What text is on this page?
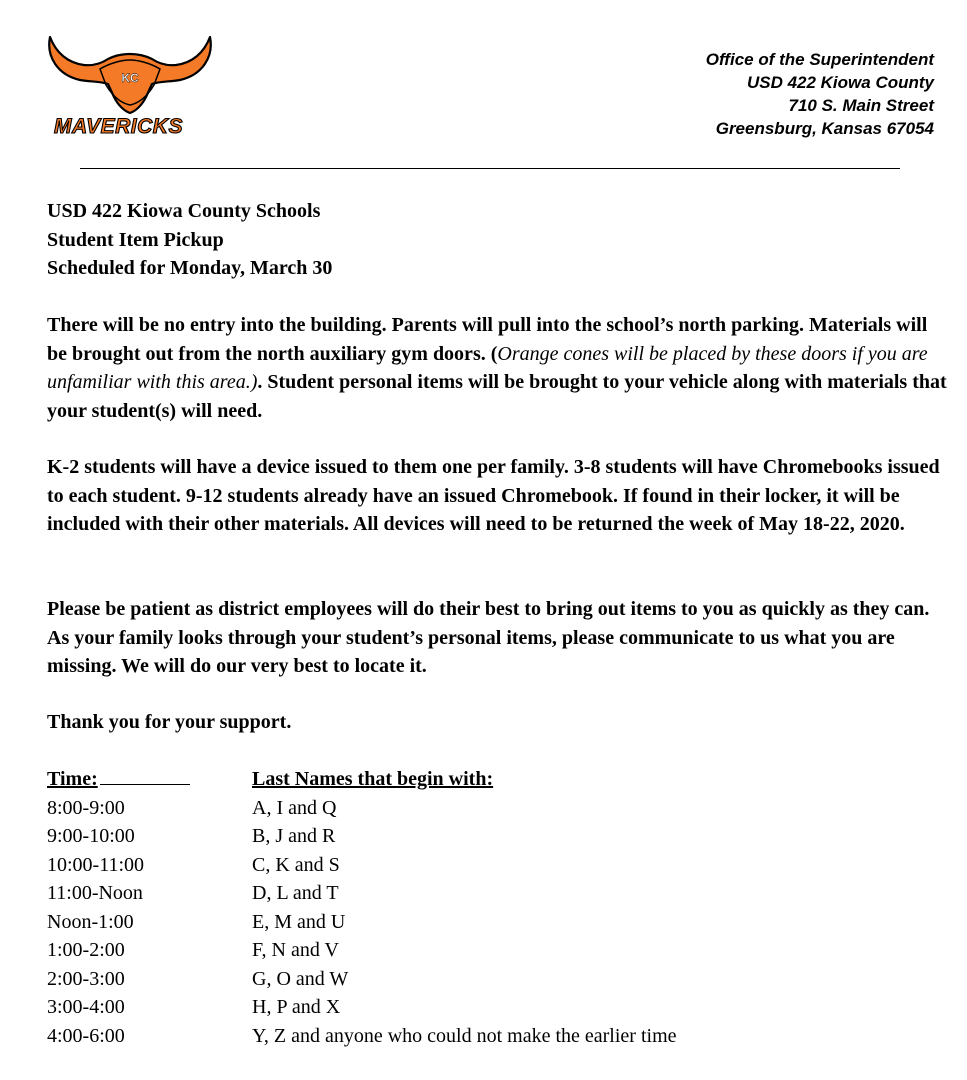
KC
MAVERICKS
Office of the Superintendent
USD 422 Kiowa County
710 S. Main Street
Greensburg, Kansas 67054
USD 422 Kiowa County Schools
Student Item Pickup
Scheduled for Monday, March 30
There will be no entry into the building. Parents will pull into the school’s north parking. Materials will be brought out from the north auxiliary gym doors. (Orange cones will be placed by these doors if you are unfamiliar with this area.). Student personal items will be brought to your vehicle along with materials that your student(s) will need.
K-2 students will have a device issued to them one per family. 3-8 students will have Chromebooks issued to each student. 9-12 students already have an issued Chromebook. If found in their locker, it will be included with their other materials. All devices will need to be returned the week of May 18-22, 2020.
Please be patient as district employees will do their best to bring out items to you as quickly as they can. As your family looks through your student’s personal items, please communicate to us what you are missing. We will do our very best to locate it.
Thank you for your support.
Time:	Last Names that begin with:
8:00-9:00	A, I and Q
9:00-10:00	B, J and R
10:00-11:00	C, K and S
11:00-Noon	D, L and T
Noon-1:00	E, M and U
1:00-2:00	F, N and V
2:00-3:00	G, O and W
3:00-4:00	H, P and X
4:00-6:00	Y, Z and anyone who could not make the earlier time
